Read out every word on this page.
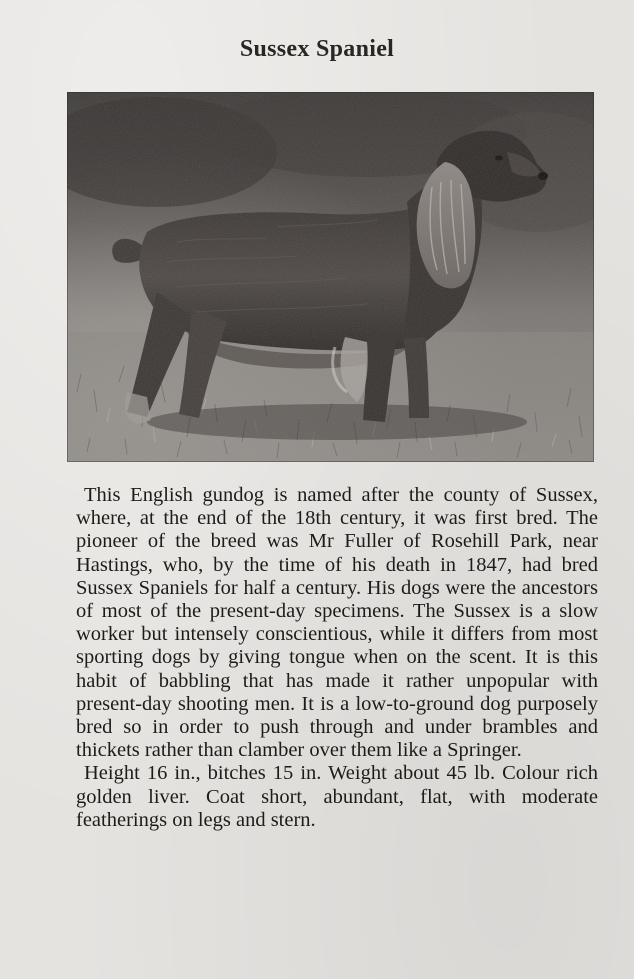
Sussex Spaniel

This English gundog is named after the county of Sussex, where, at the end of the 18th century, it was first bred. The pioneer of the breed was Mr Fuller of Rosehill Park, near Hastings, who, by the time of his death in 1847, had bred Sussex Spaniels for half a century. His dogs were the ancestors of most of the present-day specimens. The Sussex is a slow worker but intensely conscientious, while it differs from most sporting dogs by giving tongue when on the scent. It is this habit of babbling that has made it rather unpopular with present-day shooting men. It is a low-to-ground dog purposely bred so in order to push through and under brambles and thickets rather than clamber over them like a Springer.

Height 16 in., bitches 15 in. Weight about 45 lb. Colour rich golden liver. Coat short, abundant, flat, with moderate featherings on legs and stern.
